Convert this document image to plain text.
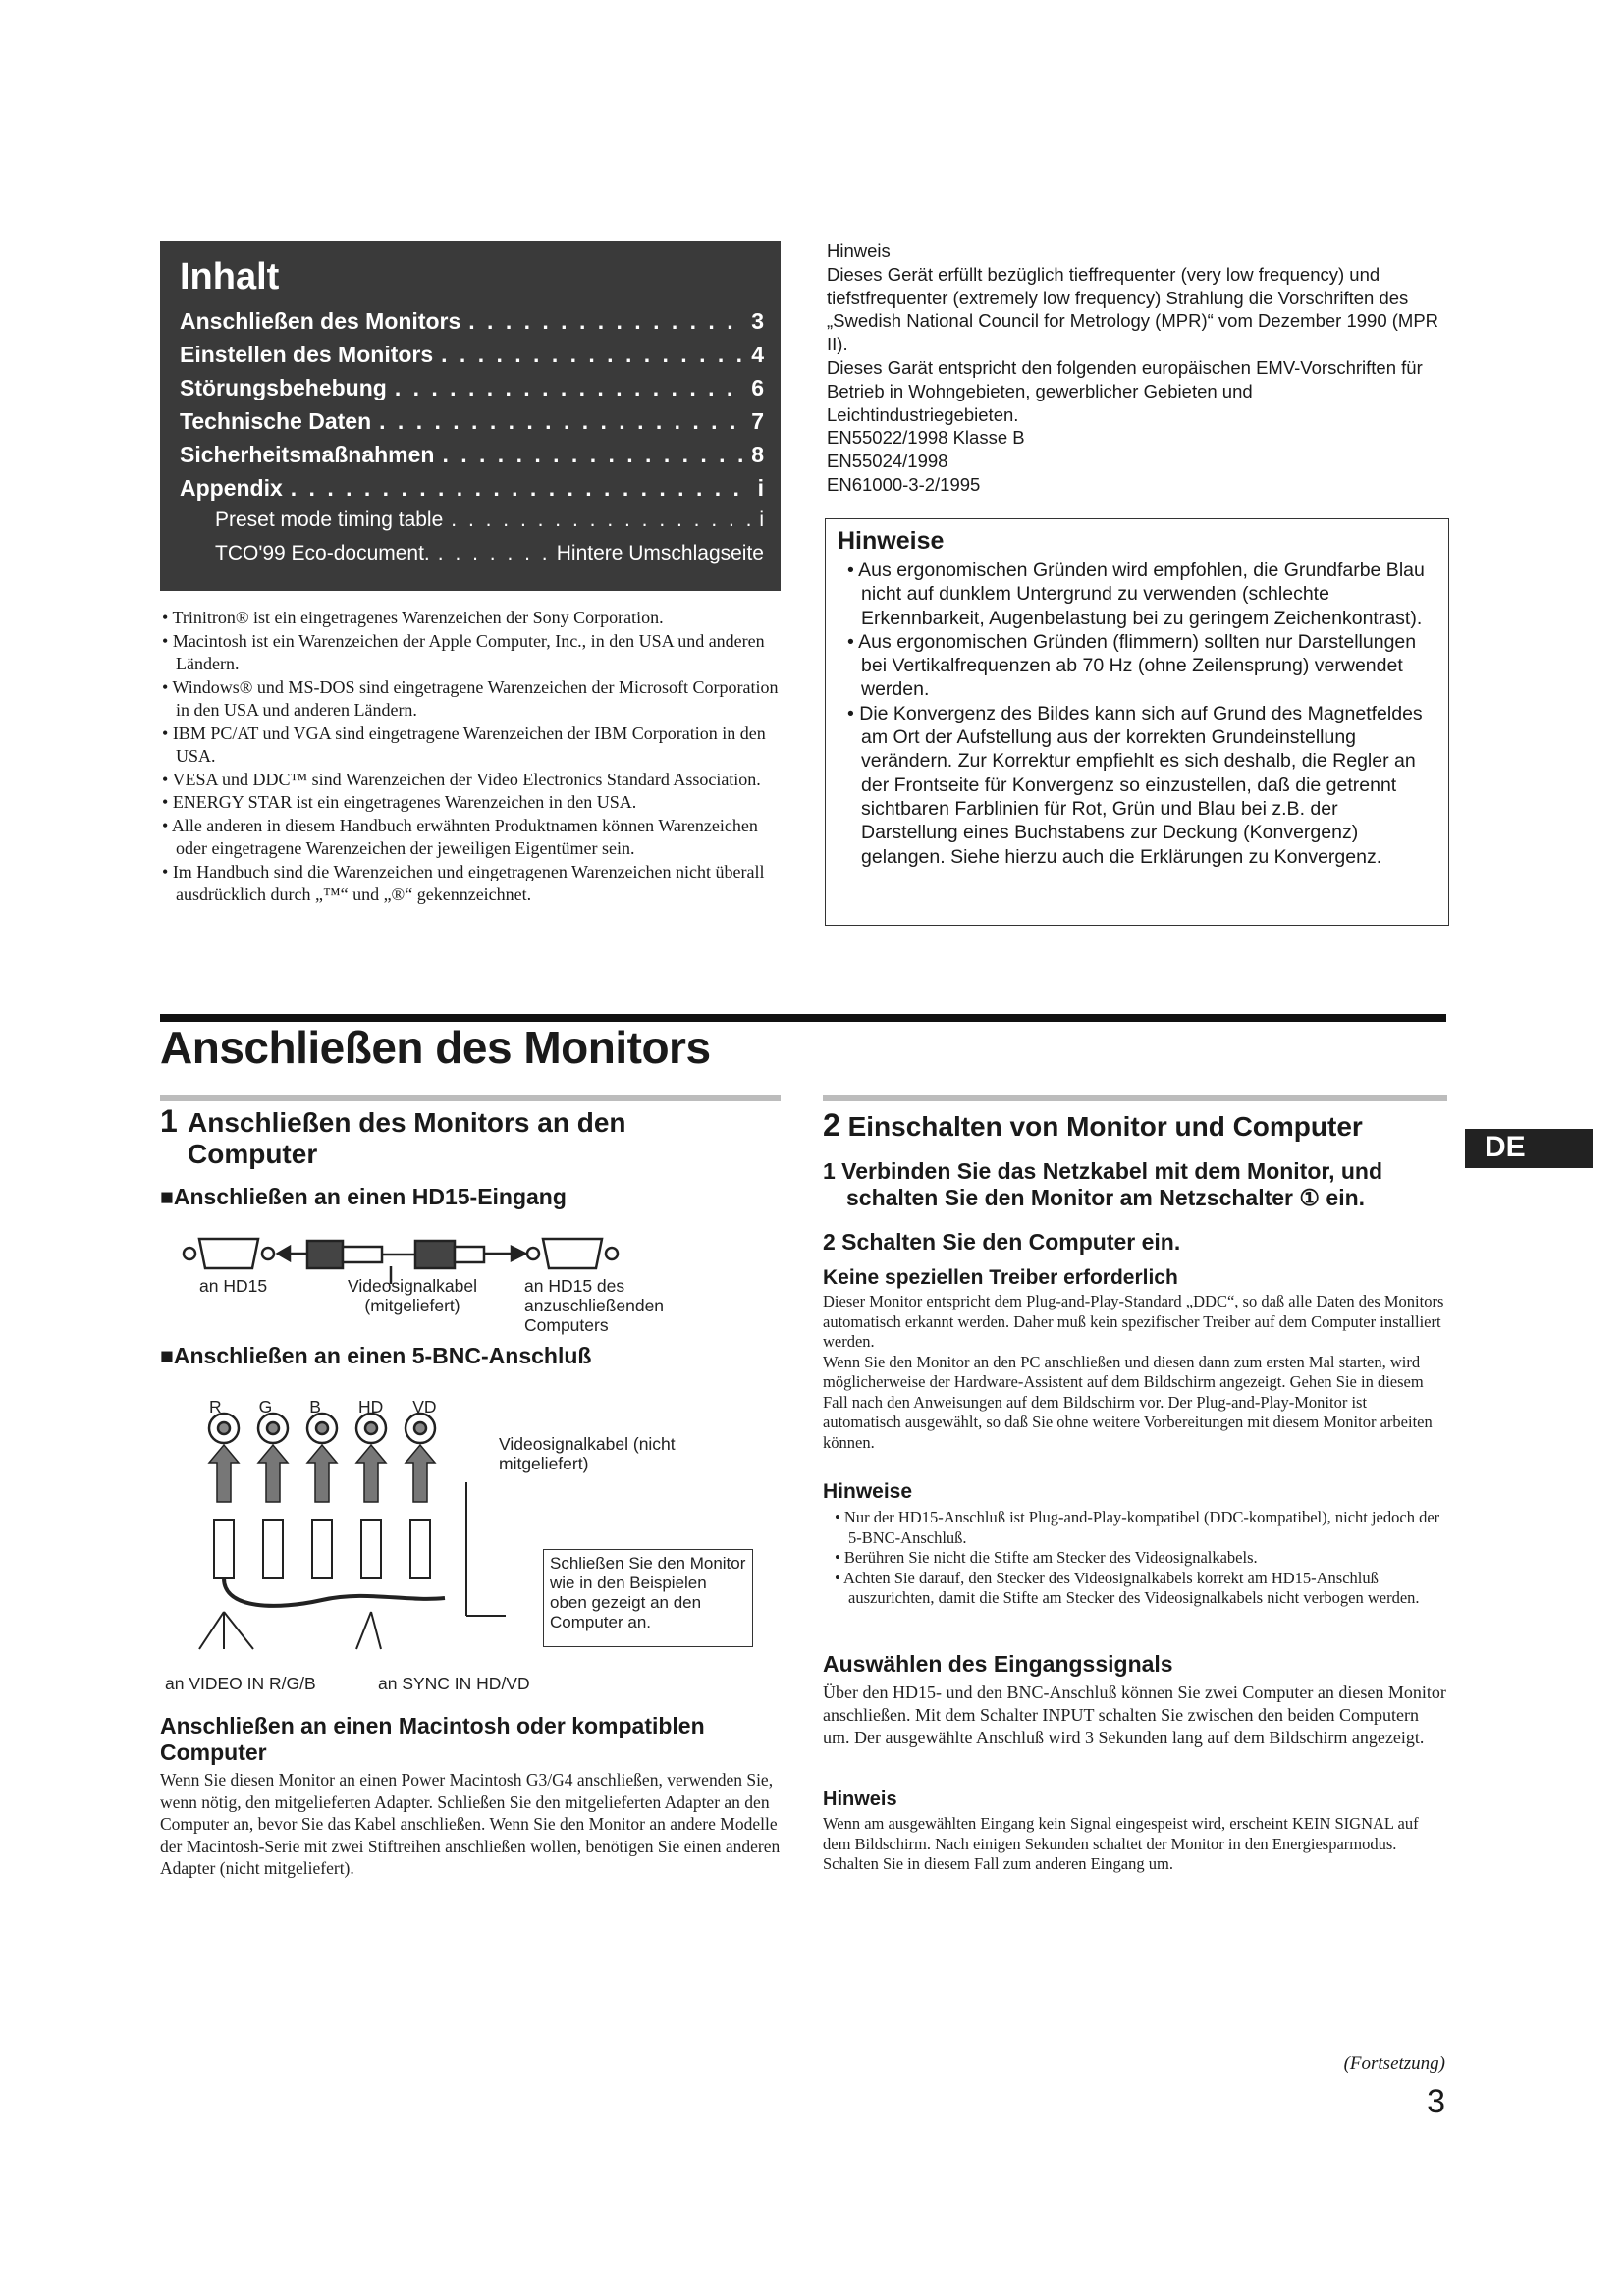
Inhalt
Anschließen des Monitors . . .	3
Einstellen des Monitors . . .	4
Störungsbehebung . . .	6
Technische Daten . . .	7
Sicherheitsmaßnahmen . . .	8
Appendix . . .	i
Preset mode timing table . . .	i
TCO'99 Eco-document. . . .	Hintere Umschlagseite
• Trinitron® ist ein eingetragenes Warenzeichen der Sony Corporation.
• Macintosh ist ein Warenzeichen der Apple Computer, Inc., in den USA und anderen Ländern.
• Windows® und MS-DOS sind eingetragene Warenzeichen der Microsoft Corporation in den USA und anderen Ländern.
• IBM PC/AT und VGA sind eingetragene Warenzeichen der IBM Corporation in den USA.
• VESA und DDC™ sind Warenzeichen der Video Electronics Standard Association.
• ENERGY STAR ist ein eingetragenes Warenzeichen in den USA.
• Alle anderen in diesem Handbuch erwähnten Produktnamen können Warenzeichen oder eingetragene Warenzeichen der jeweiligen Eigentümer sein.
• Im Handbuch sind die Warenzeichen und eingetragenen Warenzeichen nicht überall ausdrücklich durch „™“ und „®“ gekennzeichnet.
Hinweis
Dieses Gerät erfüllt bezüglich tieffrequenter (very low frequency) und tiefstfrequenter (extremely low frequency) Strahlung die Vorschriften des „Swedish National Council for Metrology (MPR)“ vom Dezember 1990 (MPR II).
Dieses Garät entspricht den folgenden europäischen EMV-Vorschriften für Betrieb in Wohngebieten, gewerblicher Gebieten und Leichtindustriegebieten.
EN55022/1998 Klasse B
EN55024/1998
EN61000-3-2/1995
Hinweise
• Aus ergonomischen Gründen wird empfohlen, die Grundfarbe Blau nicht auf dunklem Untergrund zu verwenden (schlechte Erkennbarkeit, Augenbelastung bei zu geringem Zeichenkontrast).
• Aus ergonomischen Gründen (flimmern) sollten nur Darstellungen bei Vertikalfrequenzen ab 70 Hz (ohne Zeilensprung) verwendet werden.
• Die Konvergenz des Bildes kann sich auf Grund des Magnetfeldes am Ort der Aufstellung aus der korrekten Grundeinstellung verändern. Zur Korrektur empfiehlt es sich deshalb, die Regler an der Frontseite für Konvergenz so einzustellen, daß die getrennt sichtbaren Farblinien für Rot, Grün und Blau bei z.B. der Darstellung eines Buchstabens zur Deckung (Konvergenz) gelangen. Siehe hierzu auch die Erklärungen zu Konvergenz.
Anschließen des Monitors
1 Anschließen des Monitors an den Computer
■Anschließen an einen HD15-Eingang
an HD15	Videosignalkabel (mitgeliefert)
an HD15 des anzuschließenden Computers
■Anschließen an einen 5-BNC-Anschluß
RGBHD VD
Videosignalkabel (nicht mitgeliefert)
Schließen Sie den Monitor wie in den Beispielen oben gezeigt an den Computer an.
an VIDEO IN R/G/B	an SYNC IN HD/VD
Anschließen an einen Macintosh oder kompatiblen Computer
Wenn Sie diesen Monitor an einen Power Macintosh G3/G4 anschließen, verwenden Sie, wenn nötig, den mitgelieferten Adapter. Schließen Sie den mitgelieferten Adapter an den Computer an, bevor Sie das Kabel anschließen. Wenn Sie den Monitor an andere Modelle der Macintosh-Serie mit zwei Stiftreihen anschließen wollen, benötigen Sie einen anderen Adapter (nicht mitgeliefert).
2 Einschalten von Monitor und Computer
1 Verbinden Sie das Netzkabel mit dem Monitor, und schalten Sie den Monitor am Netzschalter ① ein.
2 Schalten Sie den Computer ein.
Keine speziellen Treiber erforderlich
Dieser Monitor entspricht dem Plug-and-Play-Standard „DDC“, so daß alle Daten des Monitors automatisch erkannt werden. Daher muß kein spezifischer Treiber auf dem Computer installiert werden.
Wenn Sie den Monitor an den PC anschließen und diesen dann zum ersten Mal starten, wird möglicherweise der Hardware-Assistent auf dem Bildschirm angezeigt. Gehen Sie in diesem Fall nach den Anweisungen auf dem Bildschirm vor. Der Plug-and-Play-Monitor ist automatisch ausgewählt, so daß Sie ohne weitere Vorbereitungen mit diesem Monitor arbeiten können.
Hinweise
• Nur der HD15-Anschluß ist Plug-and-Play-kompatibel (DDC-kompatibel), nicht jedoch der 5-BNC-Anschluß.
• Berühren Sie nicht die Stifte am Stecker des Videosignalkabels.
• Achten Sie darauf, den Stecker des Videosignalkabels korrekt am HD15-Anschluß auszurichten, damit die Stifte am Stecker des Videosignalkabels nicht verbogen werden.
Auswählen des Eingangssignals
Über den HD15- und den BNC-Anschluß können Sie zwei Computer an diesen Monitor anschließen. Mit dem Schalter INPUT schalten Sie zwischen den beiden Computern um. Der ausgewählte Anschluß wird 3 Sekunden lang auf dem Bildschirm angezeigt.
Hinweis
Wenn am ausgewählten Eingang kein Signal eingespeist wird, erscheint KEIN SIGNAL auf dem Bildschirm. Nach einigen Sekunden schaltet der Monitor in den Energiesparmodus. Schalten Sie in diesem Fall zum anderen Eingang um.
DE
(Fortsetzung)
3
